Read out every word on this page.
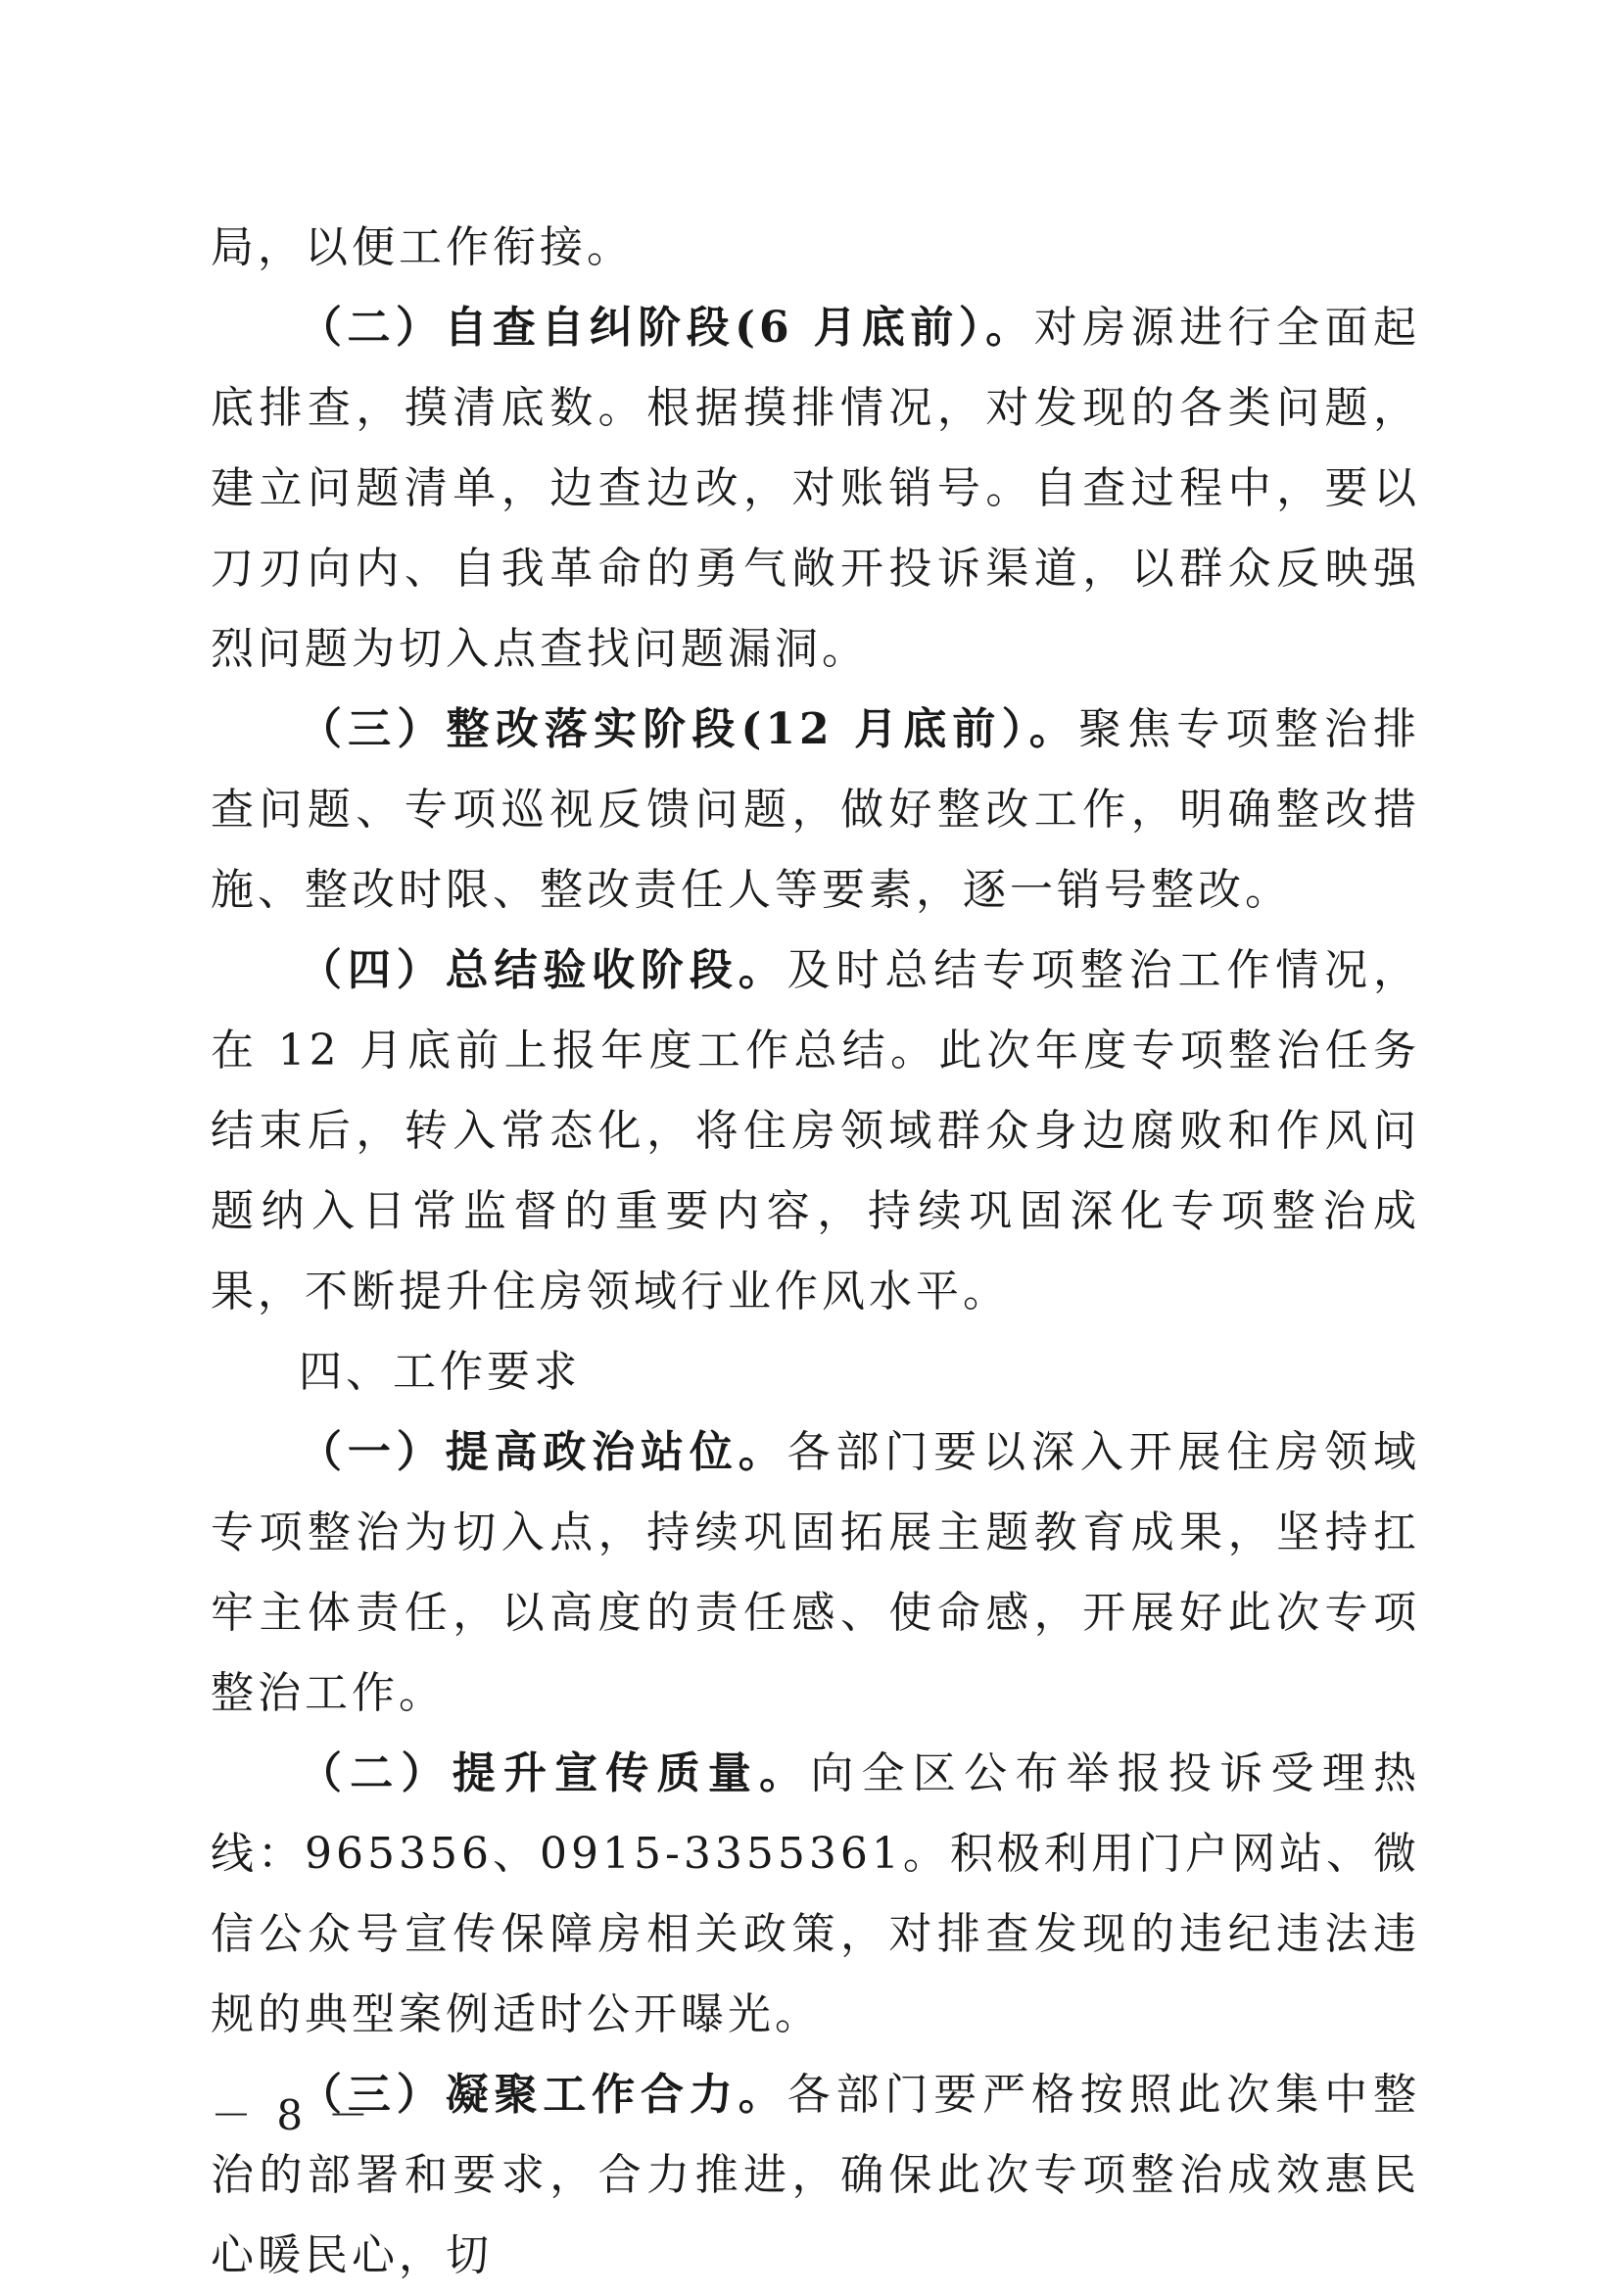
局，以便工作衔接。

（二）自查自纠阶段(6 月底前）。对房源进行全面起底排查，摸清底数。根据摸排情况，对发现的各类问题，建立问题清单，边查边改，对账销号。自查过程中，要以刀刃向内、自我革命的勇气敞开投诉渠道，以群众反映强烈问题为切入点查找问题漏洞。

（三）整改落实阶段(12 月底前）。聚焦专项整治排查问题、专项巡视反馈问题，做好整改工作，明确整改措施、整改时限、整改责任人等要素，逐一销号整改。

（四）总结验收阶段。及时总结专项整治工作情况，在 12 月底前上报年度工作总结。此次年度专项整治任务结束后，转入常态化，将住房领域群众身边腐败和作风问题纳入日常监督的重要内容，持续巩固深化专项整治成果，不断提升住房领域行业作风水平。

四、工作要求

（一）提高政治站位。各部门要以深入开展住房领域专项整治为切入点，持续巩固拓展主题教育成果，坚持扛牢主体责任，以高度的责任感、使命感，开展好此次专项整治工作。

（二）提升宣传质量。向全区公布举报投诉受理热线：965356、0915-3355361。积极利用门户网站、微信公众号宣传保障房相关政策，对排查发现的违纪违法违规的典型案例适时公开曝光。

（三）凝聚工作合力。各部门要严格按照此次集中整治的部署和要求，合力推进，确保此次专项整治成效惠民心暖民心，切

－ 8 －
